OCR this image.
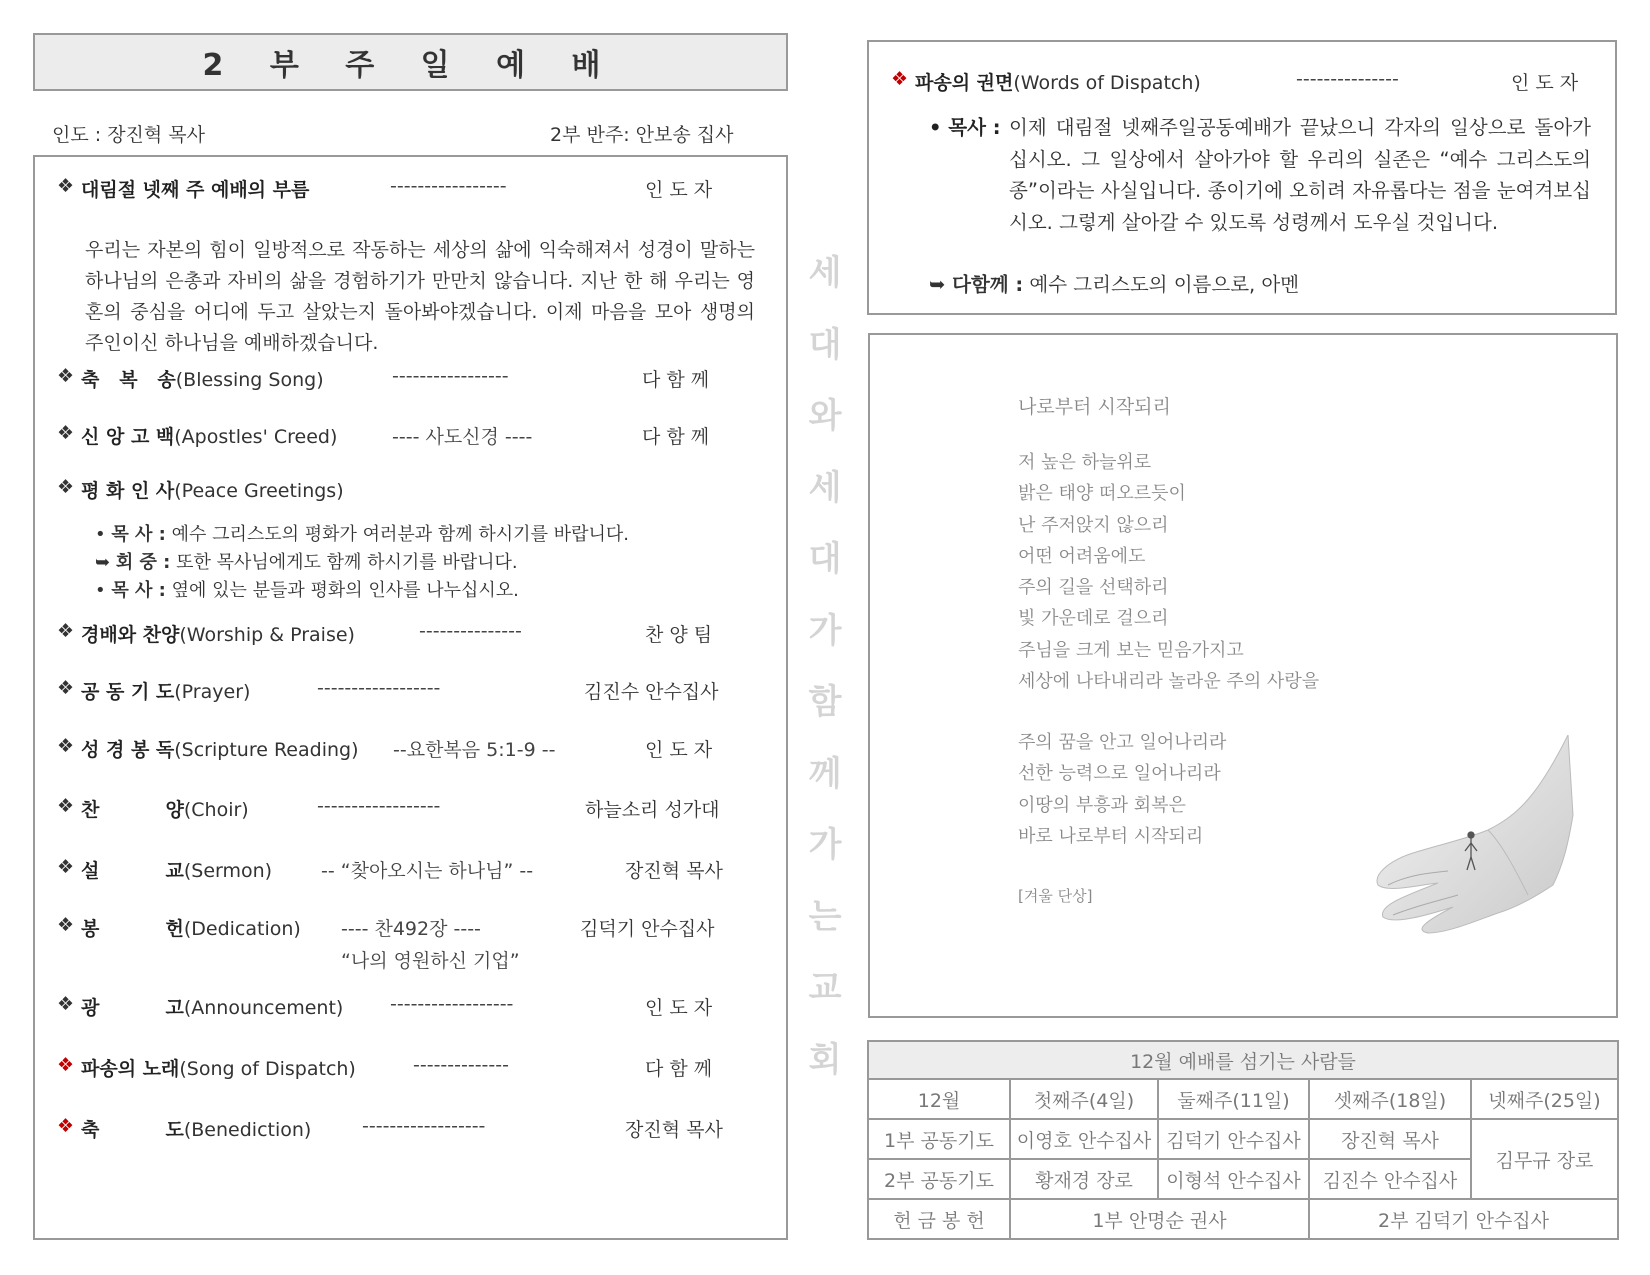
2 부 주 일 예 배
인도 : 장진혁 목사	2부 반주: 안보송 집사
❖ 대림절 넷째 주 예배의 부름	-----------------	인 도 자
우리는 자본의 힘이 일방적으로 작동하는 세상의 삶에 익숙해져서 성경이 말하는 하나님의 은총과 자비의 삶을 경험하기가 만만치 않습니다. 지난 한 해 우리는 영혼의 중심을 어디에 두고 살았는지 돌아봐야겠습니다. 이제 마음을 모아 생명의 주인이신 하나님을 예배하겠습니다.
❖ 축   복   송(Blessing Song)	-----------------	다 함 께
❖ 신 앙 고 백(Apostles' Creed)	---- 사도신경 ----	다 함 께
❖ 평 화 인 사(Peace Greetings)
• 목 사 : 예수 그리스도의 평화가 여러분과 함께 하시기를 바랍니다.
➥ 회 중 : 또한 목사님에게도 함께 하시기를 바랍니다.
• 목 사 : 옆에 있는 분들과 평화의 인사를 나누십시오.
❖ 경배와 찬양(Worship & Praise)	---------------	찬 양 팀
❖ 공 동 기 도(Prayer)	------------------	김진수 안수집사
❖ 성 경 봉 독(Scripture Reading) --요한복음 5:1-9 --	인 도 자
❖ 찬          양(Choir)	------------------	하늘소리 성가대
❖ 설          교(Sermon)	-- “찾아오시는 하나님” --	장진혁 목사
❖ 봉          헌(Dedication) ---- 찬492장 ----	김덕기 안수집사
“나의 영원하신 기업”
❖ 광          고(Announcement) ------------------	인 도 자
❖ 파송의 노래(Song of Dispatch)	--------------	다 함 께
❖ 축          도(Benediction)	------------------	장진혁 목사
세
대
와
세
대
가
함
께
가
는
교
회
❖ 파송의 권면(Words of Dispatch)	---------------	인 도 자
• 목사 : 이제 대림절 넷째주일공동예배가 끝났으니 각자의 일상으로 돌아가십시오. 그 일상에서 살아가야 할 우리의 실존은 “예수 그리스도의 종”이라는 사실입니다. 종이기에 오히려 자유롭다는 점을 눈여겨보십시오. 그렇게 살아갈 수 있도록 성령께서 도우실 것입니다.
➥ 다함께 : 예수 그리스도의 이름으로, 아멘
나로부터 시작되리
저 높은 하늘위로
밝은 태양 떠오르듯이
난 주저앉지 않으리
어떤 어려움에도
주의 길을 선택하리
빛 가운데로 걸으리
주님을 크게 보는 믿음가지고
세상에 나타내리라 놀라운 주의 사랑을
주의 꿈을 안고 일어나리라
선한 능력으로 일어나리라
이땅의 부흥과 회복은
바로 나로부터 시작되리
[겨울 단상]
12월 예배를 섬기는 사람들				
12월	첫째주(4일)	둘째주(11일)	셋째주(18일)	넷째주(25일)
1부 공동기도	이영호 안수집사	김덕기 안수집사	장진혁 목사	김무규 장로
2부 공동기도	황재경 장로	이형석 안수집사	김진수 안수집사	
헌 금 봉 헌	1부 안명순 권사		2부 김덕기 안수집사	
